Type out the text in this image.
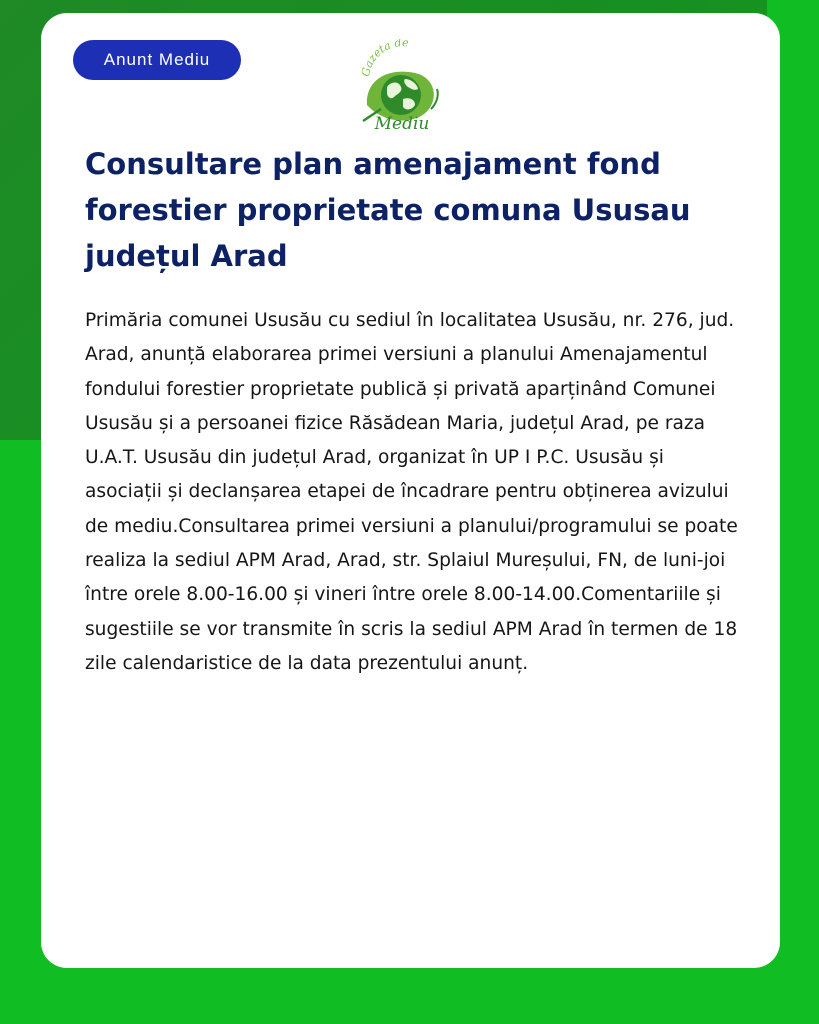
Anunt Mediu
Gazeta de
Mediu
Consultare plan amenajament fond forestier proprietate comuna Ususau județul Arad

Primăria comunei Ususău cu sediul în localitatea Ususău, nr. 276, jud. Arad, anunță elaborarea primei versiuni a planului Amenajamentul fondului forestier proprietate publică și privată aparținând Comunei Ususău și a persoanei fizice Răsădean Maria, județul Arad, pe raza U.A.T. Ususău din județul Arad, organizat în UP I P.C. Ususău și asociații și declanșarea etapei de încadrare pentru obținerea avizului de mediu.Consultarea primei versiuni a planului/programului se poate realiza la sediul APM Arad, Arad, str. Splaiul Mureșului, FN, de luni-joi între orele 8.00-16.00 și vineri între orele 8.00-14.00.Comentariile și sugestiile se vor transmite în scris la sediul APM Arad în termen de 18 zile calendaristice de la data prezentului anunț.
